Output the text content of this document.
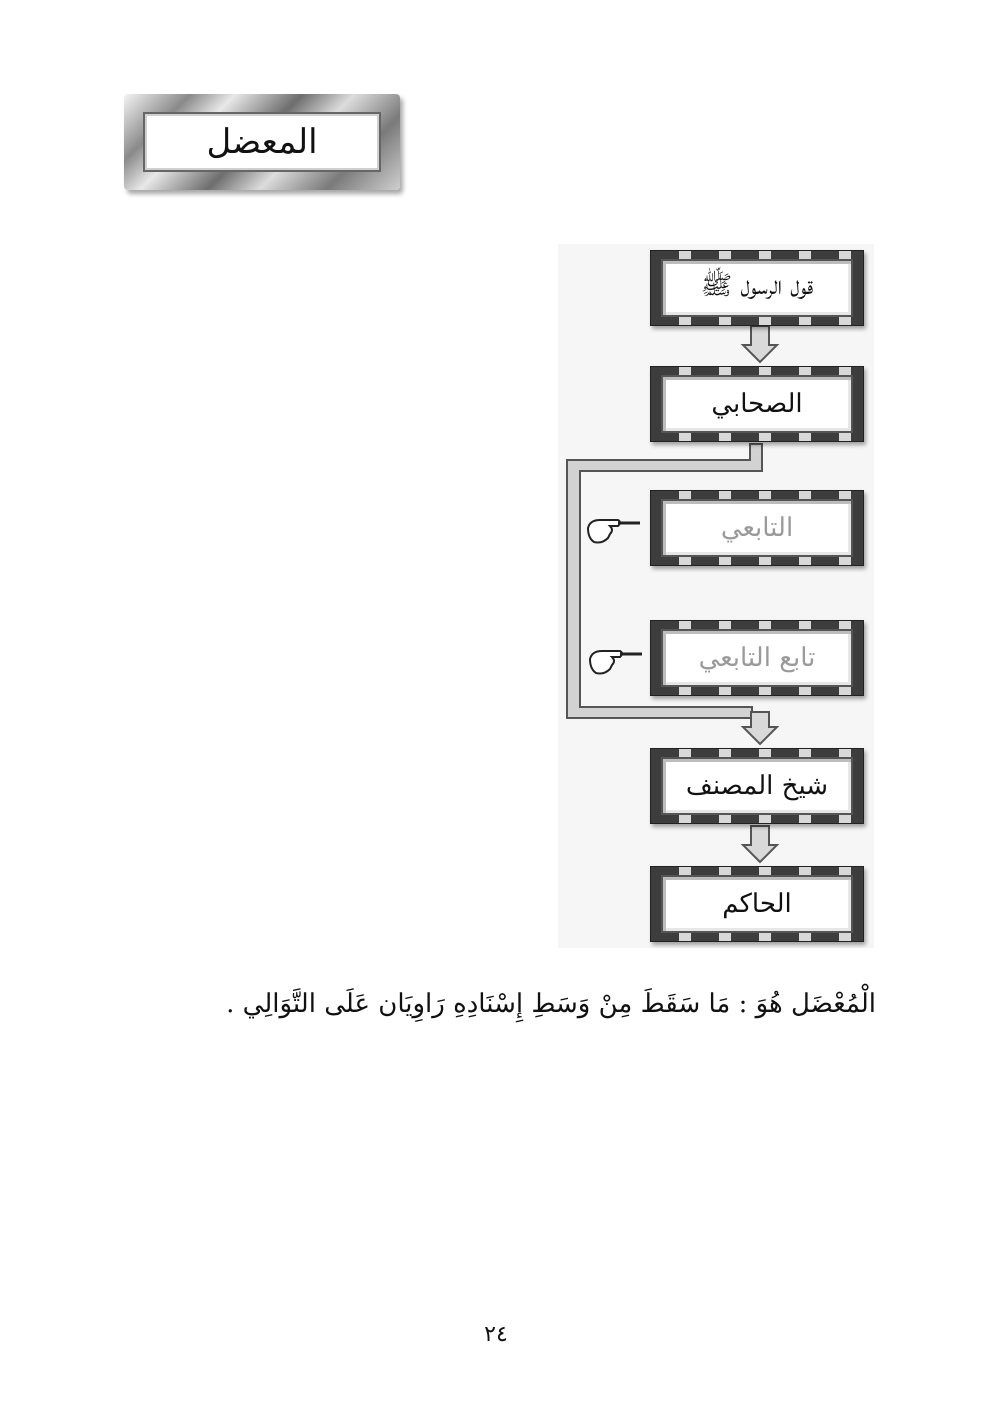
المعضل
قول الرسول ﷺ
الصحابي
التابعي
تابع التابعي
شيخ المصنف
الحاكم
الْمُعْضَل هُوَ : مَا سَقَطَ مِنْ وَسَطِ إِسْنَادِهِ رَاوِيَان عَلَى التَّوَالِي .
٢٤
